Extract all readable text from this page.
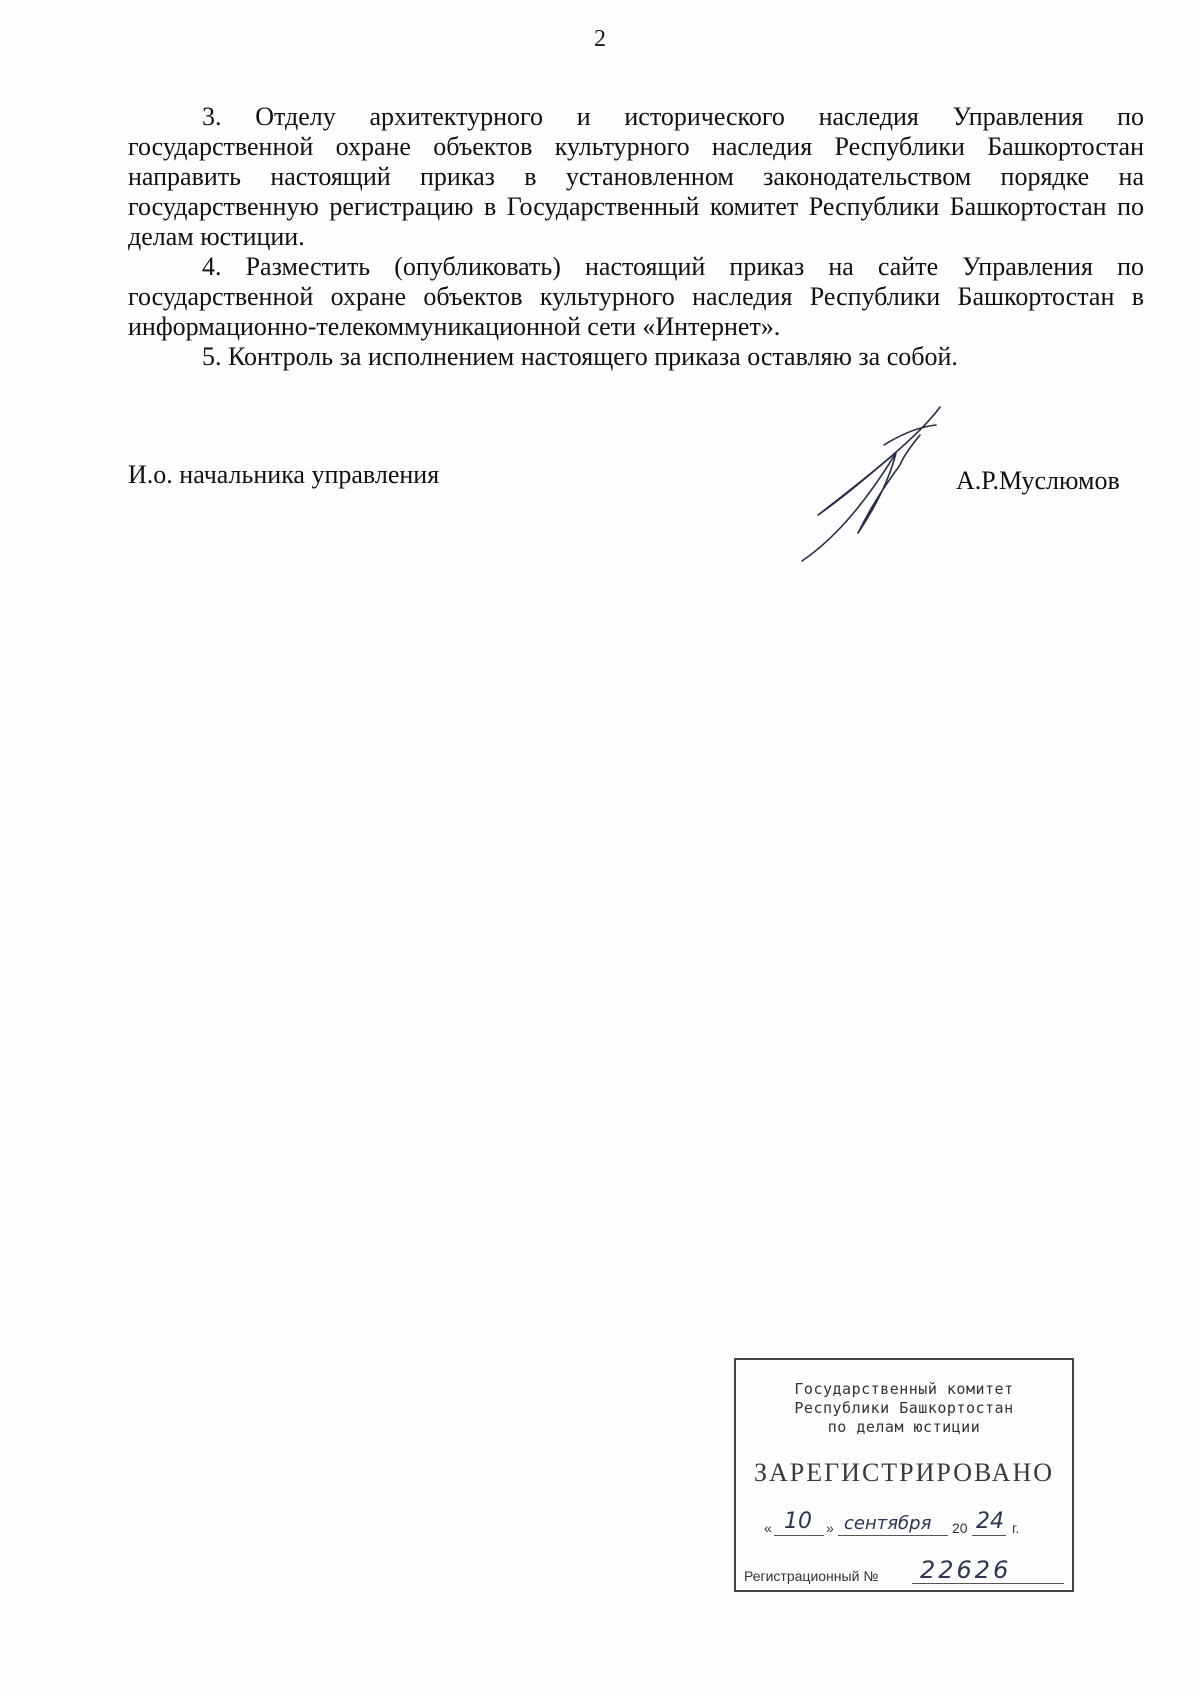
2

3. Отделу архитектурного и исторического наследия Управления по государственной охране объектов культурного наследия Республики Башкортостан направить настоящий приказ в установленном законодательством порядке на государственную регистрацию в Государственный комитет Республики Башкортостан по делам юстиции.

4. Разместить (опубликовать) настоящий приказ на сайте Управления по государственной охране объектов культурного наследия Республики Башкортостан в информационно-телекоммуникационной сети «Интернет».

5. Контроль за исполнением настоящего приказа оставляю за собой.

И.о. начальника управления	А.Р.Муслюмов
Государственный комитет
Республики Башкортостан
по делам юстиции
ЗАРЕГИСТРИРОВАНО
« 10 » сентября 20 24 г.
Регистрационный № 22626
